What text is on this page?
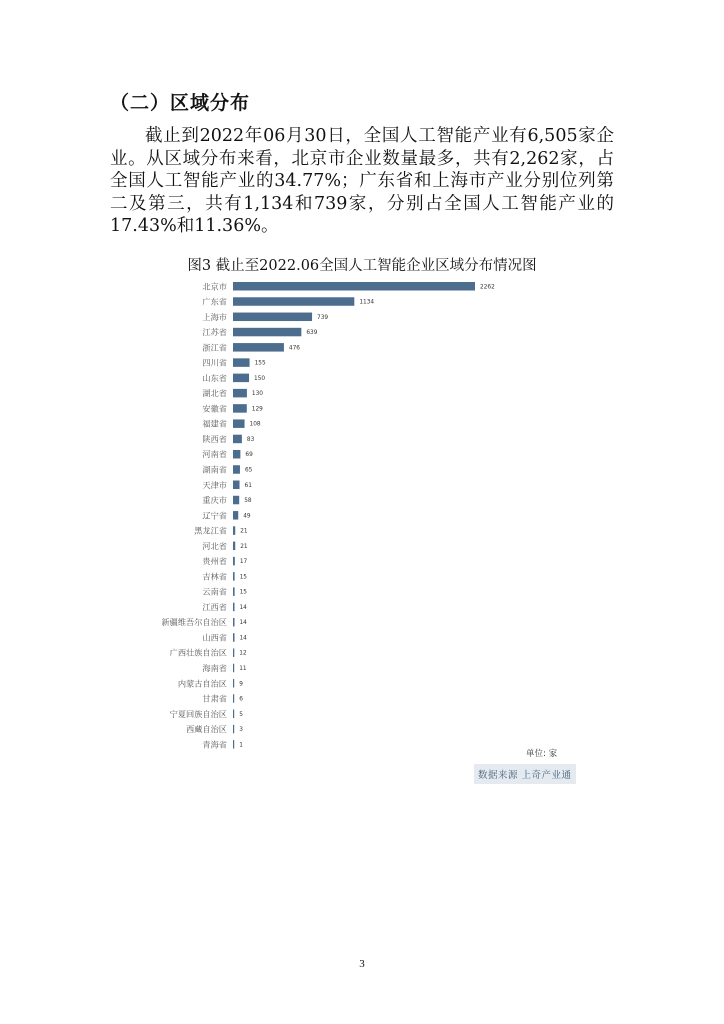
（二）区域分布
截止到2022年06月30日，全国人工智能产业有6,505家企业。从区域分布来看，北京市企业数量最多，共有2,262家，占全国人工智能产业的34.77%；广东省和上海市产业分别位列第二及第三，共有1,134和739家，分别占全国人工智能产业的17.43%和11.36%。
图3 截止至2022.06全国人工智能企业区域分布情况图
北京市	2262
广东省	1134
上海市	739
江苏省	639
浙江省	476
四川省	155
山东省	150
湖北省	130
安徽省	129
福建省	108
陕西省	83
河南省	69
湖南省	65
天津市	61
重庆市	58
辽宁省	49
黑龙江省 21
河北省 21
贵州省 17
吉林省 15
云南省 15
江西省 14
新疆维吾尔自治区 14
山西省 14
广西壮族自治区 12
海南省 11
内蒙古自治区 9
甘肃省 6
宁夏回族自治区 5
西藏自治区 3
青海省 1
单位: 家
数据来源 上奇产业通
3
